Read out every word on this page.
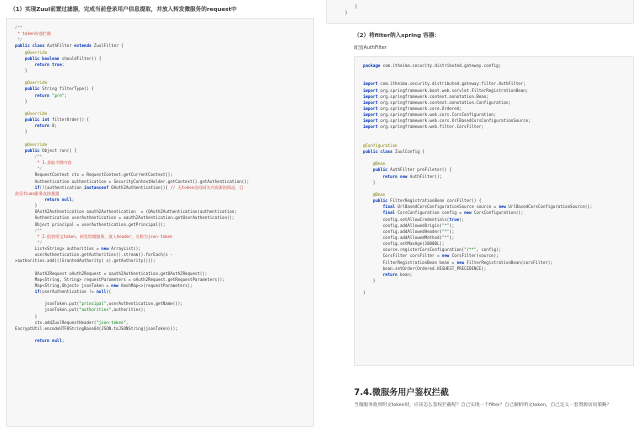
（1）实现Zuul前置过滤器，完成当前登录用户信息提取，并放入转发微服务的request中
/**
* token传递拦截
*/
public class AuthFilter extends ZuulFilter {
@Override
public boolean shouldFilter() {
return true;
}
@Override
public String filterType() {
return "pre";
}
@Override
public int filterOrder() {
return 0;
}
@Override
public Object run() {
/**
* 1.获取令牌内容
*/
RequestContext ctx = RequestContext.getCurrentContext();
Authentication authentication = SecurityContextHolder.getContext().getAuthentication();
if(!(authentication instanceof OAuth2Authentication)){ // 无token访问网关内资源的情况，目
前仅有uaa服务直接暴露
return null;
}
OAuth2Authentication oauth2Authentication  = (OAuth2Authentication)authentication;
Authentication userAuthentication = oauth2Authentication.getUserAuthentication();
Object principal = userAuthentication.getPrincipal();
/**
* 2.组装明文token，转发给微服务，放入header，名称为json-token
*/
List<String> authorities = new ArrayList();
userAuthentication.getAuthorities().stream().forEach(s -
>authorities.add(((GrantedAuthority) s).getAuthority()));
OAuth2Request oAuth2Request = oauth2Authentication.getOAuth2Request();
Map<String, String> requestParameters = oAuth2Request.getRequestParameters();
Map<String,Object> jsonToken = new HashMap<>(requestParameters);
if(userAuthentication != null){
jsonToken.put("principal",userAuthentication.getName());
jsonToken.put("authorities",authorities);
}
ctx.addZuulRequestHeader("json-token",
EncryptUtil.encodeUTF8StringBase64(JSON.toJSONString(jsonToken)));
return null;
}
}
（2）将filter纳入spring 容器：
配置AuthFilter
package com.itheima.security.distributed.gateway.config;
import com.itheima.security.distributed.gateway.filter.AuthFilter;
import org.springframework.boot.web.servlet.FilterRegistrationBean;
import org.springframework.context.annotation.Bean;
import org.springframework.context.annotation.Configuration;
import org.springframework.core.Ordered;
import org.springframework.web.cors.CorsConfiguration;
import org.springframework.web.cors.UrlBasedCorsConfigurationSource;
import org.springframework.web.filter.CorsFilter;
@Configuration
public class ZuulConfig {
@Bean
public AuthFilter preFileter() {
return new AuthFilter();
}
@Bean
public FilterRegistrationBean corsFilter() {
final UrlBasedCorsConfigurationSource source = new UrlBasedCorsConfigurationSource();
final CorsConfiguration config = new CorsConfiguration();
config.setAllowCredentials(true);
config.addAllowedOrigin("*");
config.addAllowedHeader("*");
config.addAllowedMethod("*");
config.setMaxAge(18000L);
source.registerCorsConfiguration("/**", config);
CorsFilter corsFilter = new CorsFilter(source);
FilterRegistrationBean bean = new FilterRegistrationBean(corsFilter);
bean.setOrder(Ordered.HIGHEST_PRECEDENCE);
return bean;
}
}
7.4.微服务用户鉴权拦截
当微服务收到明文token时，应该怎么鉴权拦截呢？自己实现一个filter？自己解析明文token，自己定义一套资源访问策略？
